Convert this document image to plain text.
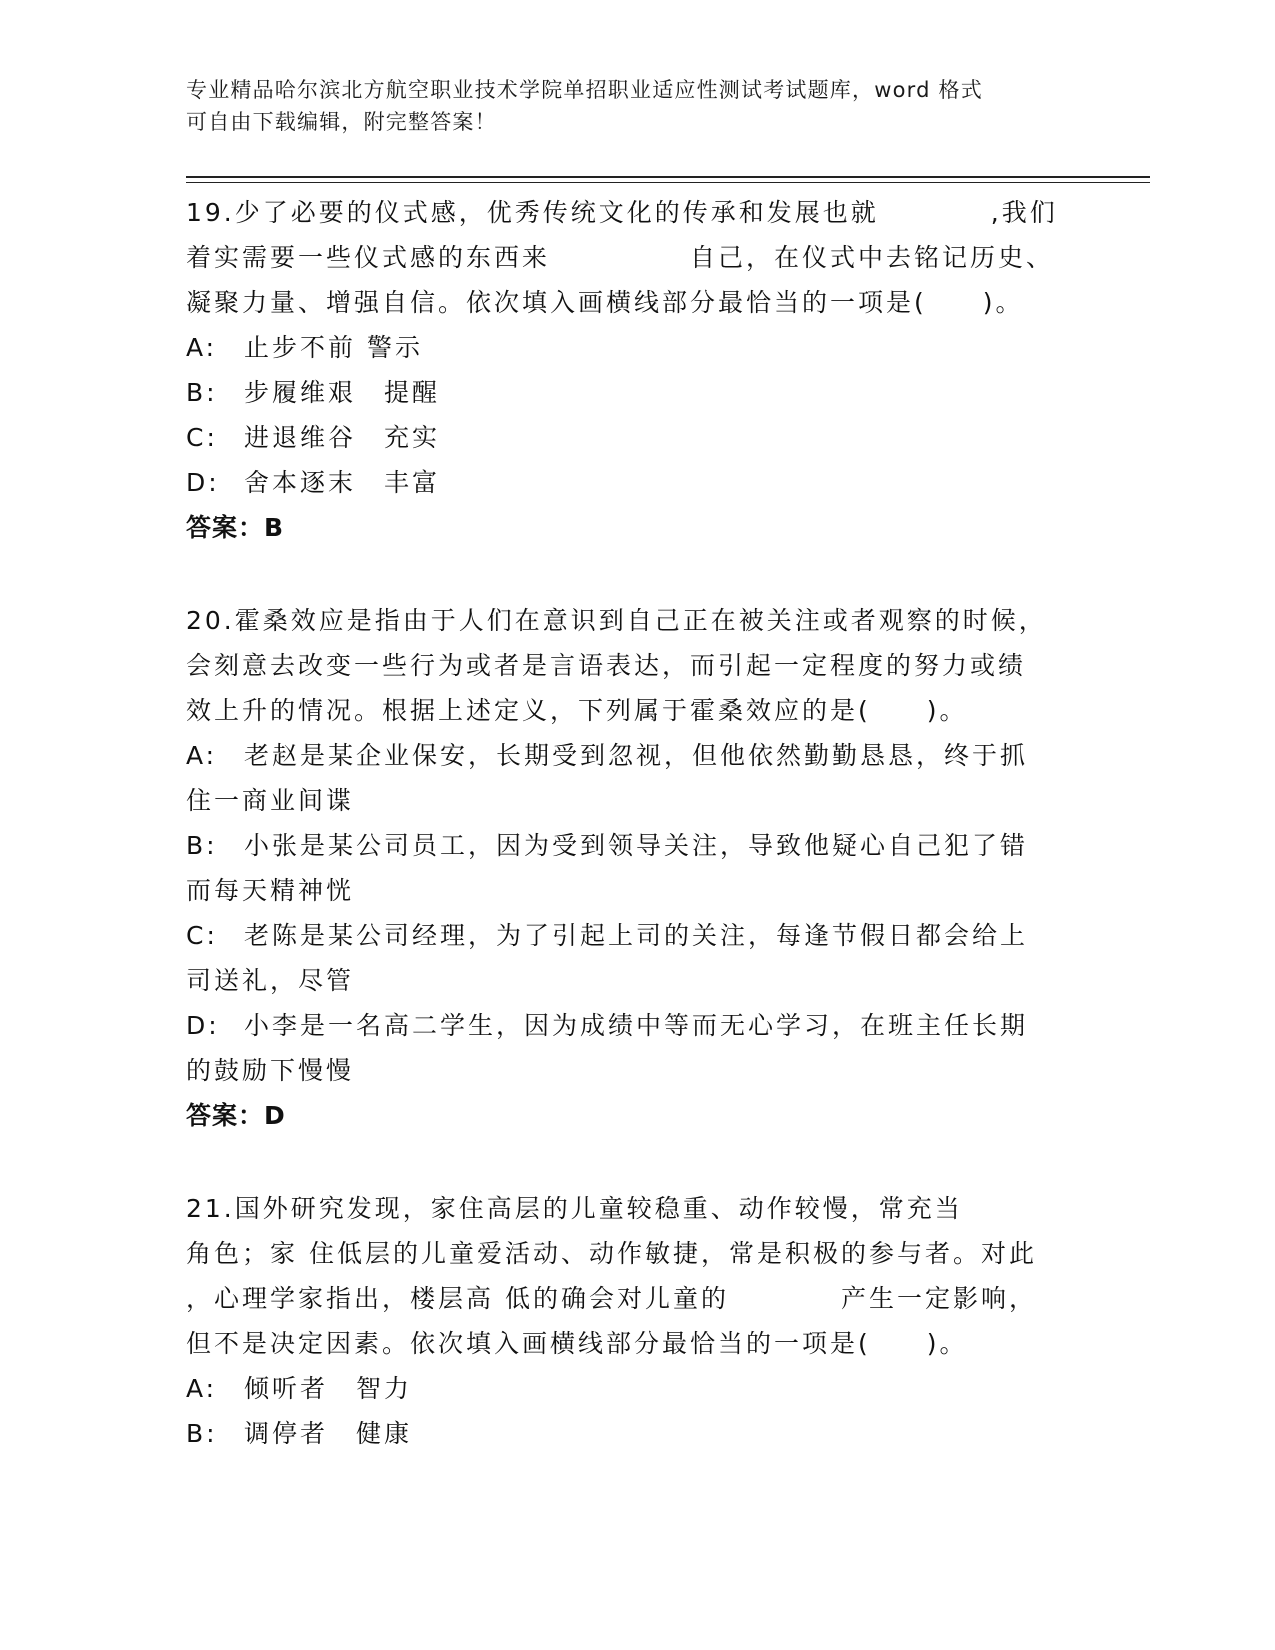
专业精品哈尔滨北方航空职业技术学院单招职业适应性测试考试题库，word 格式
可自由下载编辑，附完整答案！
19.少了必要的仪式感，优秀传统文化的传承和发展也就　　　　,我们
着实需要一些仪式感的东西来　　　　　自己，在仪式中去铭记历史、
凝聚力量、增强自信。依次填入画横线部分最恰当的一项是(　　)。
A:	止步不前 警示
B:	步履维艰　提醒
C:	进退维谷　充实
D: 舍本逐末　丰富
答案：B
20.霍桑效应是指由于人们在意识到自己正在被关注或者观察的时候，
会刻意去改变一些行为或者是言语表达，而引起一定程度的努力或绩
效上升的情况。根据上述定义，下列属于霍桑效应的是(　　)。
A:	老赵是某企业保安，长期受到忽视，但他依然勤勤恳恳，终于抓
住一商业间谍
B:	小张是某公司员工，因为受到领导关注，导致他疑心自己犯了错
而每天精神恍
C:	老陈是某公司经理，为了引起上司的关注，每逢节假日都会给上
司送礼，尽管
D: 小李是一名高二学生，因为成绩中等而无心学习，在班主任长期
的鼓励下慢慢
答案：D
21.国外研究发现，家住高层的儿童较稳重、动作较慢，常充当
角色；家 住低层的儿童爱活动、动作敏捷，常是积极的参与者。对此
，心理学家指出，楼层高 低的确会对儿童的　　　　产生一定影响，
但不是决定因素。依次填入画横线部分最恰当的一项是(　　)。
A:	倾听者　智力
B:	调停者　健康
